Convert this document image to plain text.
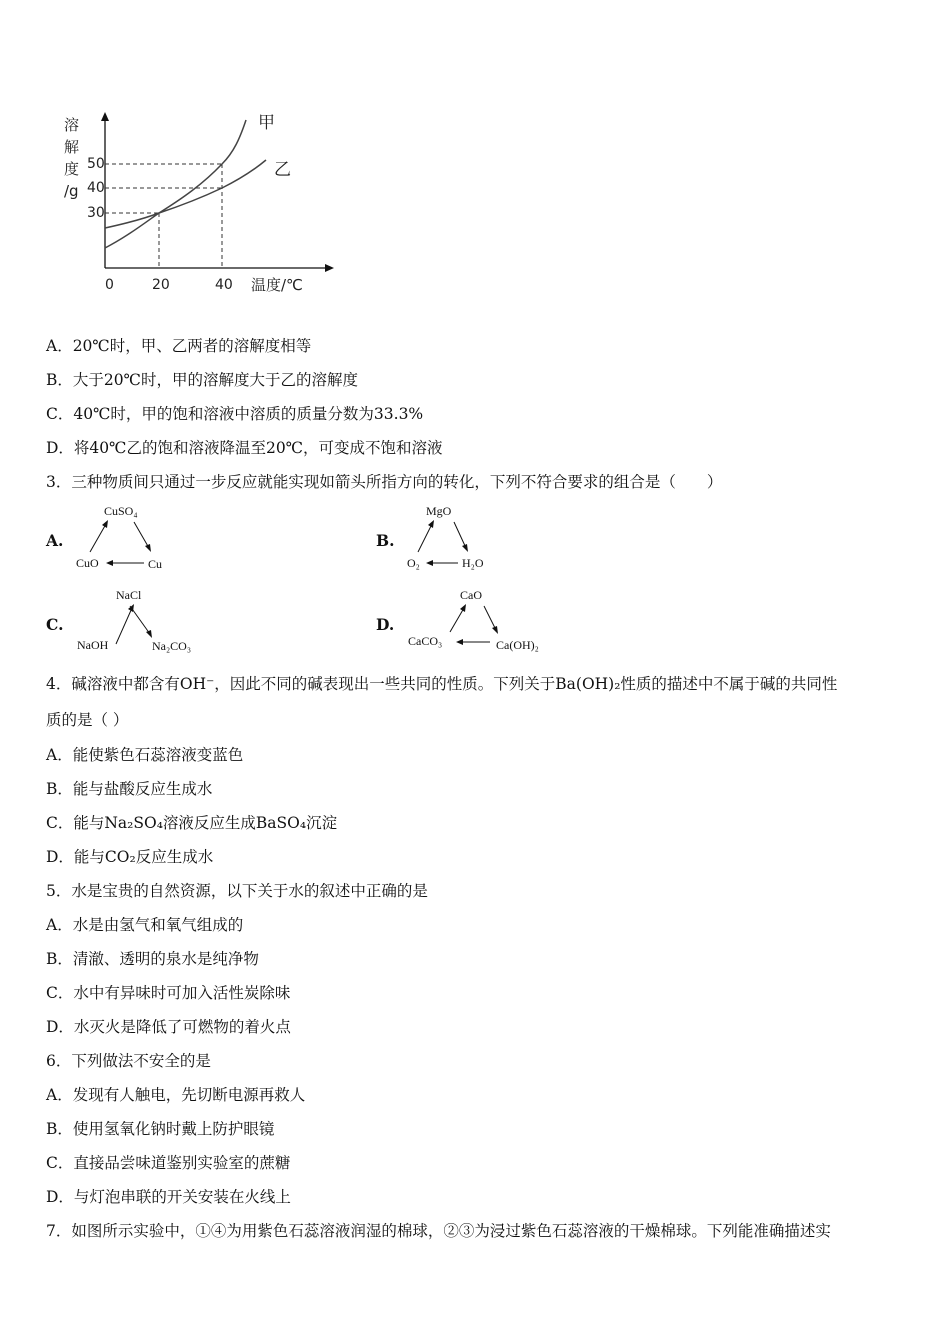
溶
解
度
/g
50
40
30
0	20	40 温度/℃
甲
乙
A．20℃时，甲、乙两者的溶解度相等
B．大于20℃时，甲的溶解度大于乙的溶解度
C．40℃时，甲的饱和溶液中溶质的质量分数为33.3%
D．将40℃乙的饱和溶液降温至20℃，可变成不饱和溶液
3．三种物质间只通过一步反应就能实现如箭头所指方向的转化，下列不符合要求的组合是（　　）
A.
CuSO₄
CuO	Cu
B.
MgO
O₂	H₂O
C.
NaCl
NaOH	Na₂CO₃
D.
CaO
CaCO₃	Ca(OH)₂
4．碱溶液中都含有OH⁻，因此不同的碱表现出一些共同的性质。下列关于Ba(OH)₂性质的描述中不属于碱的共同性
质的是（ ）
A．能使紫色石蕊溶液变蓝色
B．能与盐酸反应生成水
C．能与Na₂SO₄溶液反应生成BaSO₄沉淀
D．能与CO₂反应生成水
5．水是宝贵的自然资源，以下关于水的叙述中正确的是
A．水是由氢气和氧气组成的
B．清澈、透明的泉水是纯净物
C．水中有异味时可加入活性炭除味
D．水灭火是降低了可燃物的着火点
6．下列做法不安全的是
A．发现有人触电，先切断电源再救人
B．使用氢氧化钠时戴上防护眼镜
C．直接品尝味道鉴别实验室的蔗糖
D．与灯泡串联的开关安装在火线上
7．如图所示实验中，①④为用紫色石蕊溶液润湿的棉球，②③为浸过紫色石蕊溶液的干燥棉球。下列能准确描述实
